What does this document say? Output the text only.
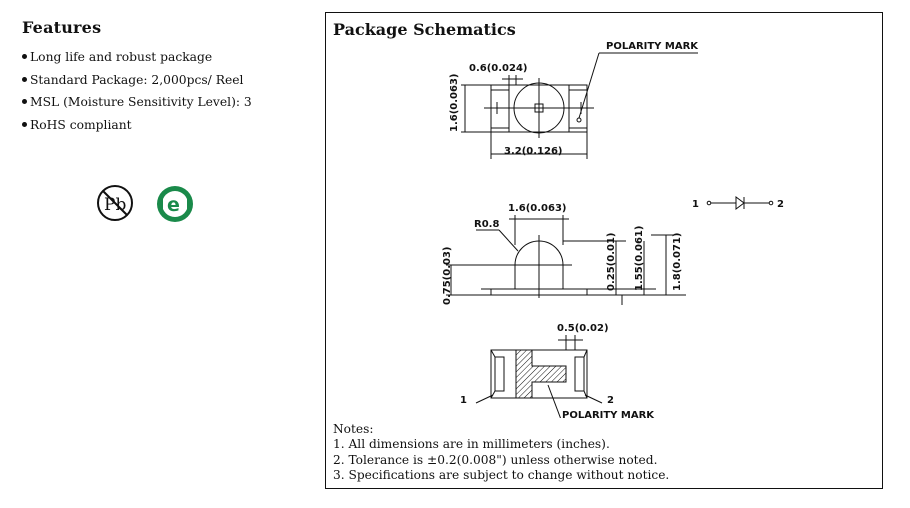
Features
Long life and robust package
Standard Package: 2,000pcs/ Reel
MSL (Moisture Sensitivity Level): 3
RoHS compliant
Pb e
Package Schematics
POLARITY MARK
0.6(0.024)
1.6(0.063)
3.2(0.126)
1.6(0.063)
R0.8
0.75(0.03)	0.25(0.01) 1.55(0.061)	1.8(0.071)
1	2
0.5(0.02)
1	2
POLARITY MARK
Notes:
1. All dimensions are in millimeters (inches).
2. Tolerance is ±0.2(0.008") unless otherwise noted.
3. Specifications are subject to change without notice.
